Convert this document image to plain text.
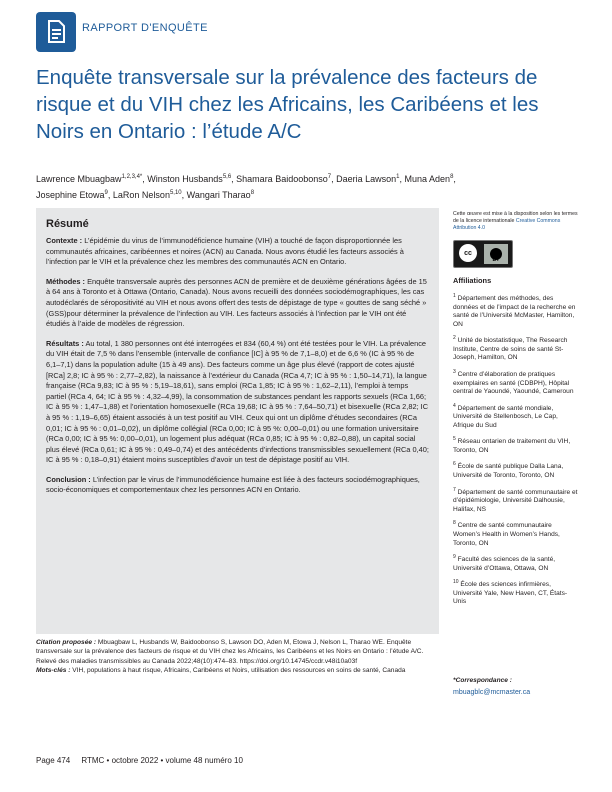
RAPPORT D'ENQUÊTE
Enquête transversale sur la prévalence des facteurs de risque et du VIH chez les Africains, les Caribéens et les Noirs en Ontario : l’étude A/C
Lawrence Mbuagbaw$^{1,2,3,4*}$, Winston Husbands$^{5,6}$, Shamara Baidoobonso$^7$, Daeria Lawson$^1$, Muna Aden$^8$, Josephine Etowa$^9$, LaRon Nelson$^{5,10}$, Wangari Tharao$^8$
Résumé

Contexte : L’épidémie du virus de l’immunodéficience humaine (VIH) a touché de façon disproportionnée les communautés africaines, caribéennes et noires (ACN) au Canada. Nous avons étudié les facteurs associés à l’infection par le VIH et la prévalence chez les membres des communautés ACN en Ontario.

Méthodes : Enquête transversale auprès des personnes ACN de première et de deuxième générations âgées de 15 à 64 ans à Toronto et à Ottawa (Ontario, Canada). Nous avons recueilli des données sociodémographiques, les cas autodéclarés de séropositivité au VIH et nous avons offert des tests de dépistage de type « gouttes de sang séché » (GSS)pour déterminer la prévalence de l’infection au VIH. Les facteurs associés à l’infection par le VIH ont été étudiés à l’aide de modèles de régression.

Résultats : Au total, 1 380 personnes ont été interrogées et 834 (60,4 %) ont été testées pour le VIH. La prévalence du VIH était de 7,5 % dans l’ensemble (intervalle de confiance [IC] à 95 % de 7,1–8,0) et de 6,6 % (IC à 95 % de 6,1–7,1) dans la population adulte (15 à 49 ans). Des facteurs comme un âge plus élevé (rapport de cotes ajusté [RCa] 2,8; IC à 95 % : 2,77–2,82), la naissance à l’extérieur du Canada (RCa 4,7; IC à 95 % : 1,50–14,71), la langue française (RCa 9,83; IC à 95 % : 5,19–18,61), sans emploi (RCa 1,85; IC à 95 % : 1,62–2,11), l’emploi à temps partiel (RCa 4, 64; IC à 95 % : 4,32–4,99), la consommation de substances pendant les rapports sexuels (RCa 1,66; IC à 95 % : 1,47–1,88) et l’orientation homosexuelle (RCa 19,68; IC à 95 % : 7,64–50,71) et bisexuelle (RCa 2,82; IC à 95 % : 1,19–6,65) étaient associés à un test positif au VIH. Ceux qui ont un diplôme d’études secondaires (RCa 0,01; IC à 95 % : 0,01–0,02), un diplôme collégial (RCa 0,00; IC à 95 %: 0,00–0,01) ou une formation universitaire (RCa 0,00; IC à 95 %: 0,00–0,01), un logement plus adéquat (RCa 0,85; IC à 95 % : 0,82–0,88), un capital social plus élevé (RCa 0,61; IC à 95 % : 0,49–0,74) et des antécédents d’infections transmissibles sexuellement (RCa 0,40; IC à 95 % : 0,18–0,91) étaient moins susceptibles d’avoir un test de dépistage positif au VIH.

Conclusion : L’infection par le virus de l’immunodéficience humaine est liée à des facteurs sociodémographiques, socio-économiques et comportementaux chez les personnes ACN en Ontario.

Citation proposée : Mbuagbaw L, Husbands W, Baidoobonso S, Lawson DO, Aden M, Etowa J, Nelson L, Tharao WE. Enquête transversale sur la prévalence des facteurs de risque et du VIH chez les Africains, les Caribéens et les Noirs en Ontario : l’étude A/C. Relevé des maladies transmissibles au Canada 2022;48(10):474–83. https://doi.org/10.14745/ccdr.v48i10a03f

Mots-clés : VIH, populations à haut risque, Africains, Caribéens et Noirs, utilisation des ressources en soins de santé, Canada

Page 474     RTMC • octobre 2022 • volume 48 numéro 10
Cette œuvre est mise à la disposition selon les termes de la licence internationale Creative Commons Attribution 4.0
cc
BY
Affiliations
$^1$ Département des méthodes, des données et de l’impact de la recherche en santé de l’Université McMaster, Hamilton, ON
$^2$ Unité de biostatistique, The Research Institute, Centre de soins de santé St-Joseph, Hamilton, ON
$^3$ Centre d’élaboration de pratiques exemplaires en santé (CDBPH), Hôpital central de Yaoundé, Yaoundé, Cameroun
$^4$ Département de santé mondiale, Université de Stellenbosch, Le Cap, Afrique du Sud
$^5$ Réseau ontarien de traitement du VIH, Toronto, ON
$^6$ École de santé publique Dalla Lana, Université de Toronto, Toronto, ON
$^7$ Département de santé communautaire et d’épidémiologie, Université Dalhousie, Halifax, NS
$^8$ Centre de santé communautaire Women’s Health in Women’s Hands, Toronto, ON
$^9$ Faculté des sciences de la santé, Université d’Ottawa, Ottawa, ON
$^{10}$ École des sciences infirmières, Université Yale, New Haven, CT, États-Unis
*Correspondance :
mbuagblc@mcmaster.ca
